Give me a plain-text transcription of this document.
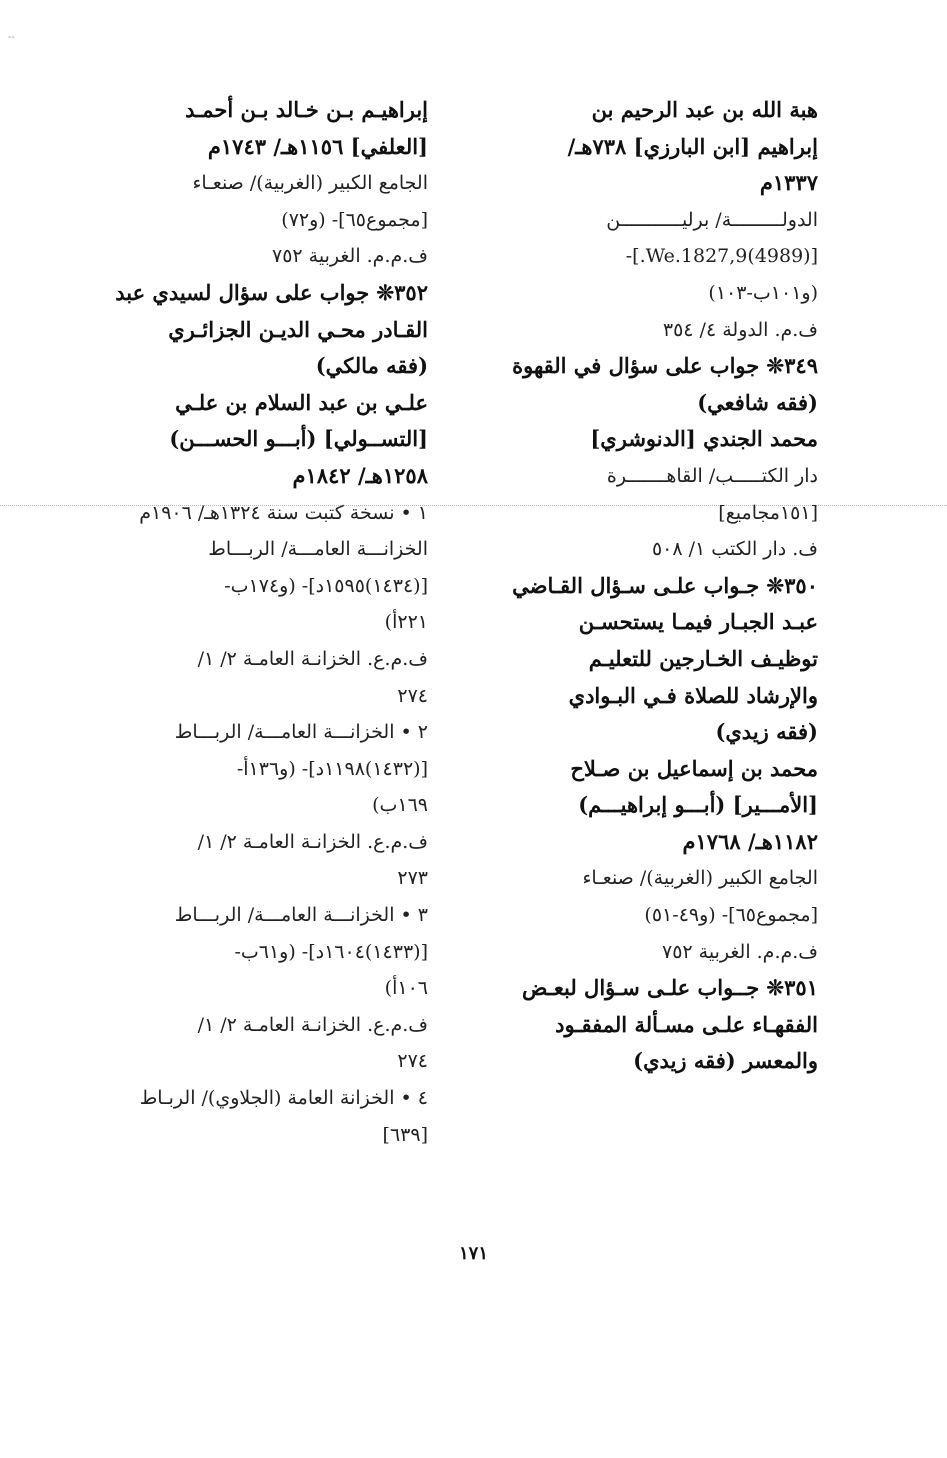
--
هبة الله بن عبد الرحيم بن
إبراهيم [ابن البارزي] ٧٣٨هـ/
١٣٣٧م
الدولـــــــــة/ برليـــــــــــن
[(4989)We.1827,9.]-
(و١٠١ب-١٠٣)
ف.م. الدولة ٤/ ٣٥٤
٣٤٩❊ جواب على سؤال في القهوة
(فقه شافعي)
محمد الجندي [الدنوشري]
دار الكتـــــب/ القاهـــــــرة
[١٥١مجاميع]
ف. دار الكتب ١/ ٥٠٨
٣٥٠❊ جـواب علـى سـؤال القـاضي
عبـد الجبـار فيمـا يستحسـن
توظيـف الخـارجين للتعليـم
والإرشاد للصلاة فـي البـوادي
(فقه زيدي)
محمد بن إسماعيل بن صـلاح
[الأمـــير] (أبـــو إبراهيـــم)
١١٨٢هـ/ ١٧٦٨م
الجامع الكبير (الغربية)/ صنعـاء
[مجموع٦٥]- (و٤٩-٥١)
ف.م.م. الغربية ٧٥٢
٣٥١❊ جــواب علـى سـؤال لبعـض
الفقهـاء علـى مسـألة المفقـود
والمعسر (فقه زيدي)
إبراهيـم بـن خـالد بـن أحمـد
[العلفي] ١١٥٦هـ/ ١٧٤٣م
الجامع الكبير (الغربية)/ صنعـاء
[مجموع٦٥]- (و٧٢)
ف.م.م. الغربية ٧٥٢
٣٥٢❊ جواب على سؤال لسيدي عبد
القـادر محـي الديـن الجزائـري
(فقه مالكي)
علـي بن عبد السلام بن علـي
[التســولي] (أبـــو الحســـن)
١٢٥٨هـ/ ١٨٤٢م
١ • نسخة كتبت سنة ١٣٢٤هـ/ ١٩٠٦م
الخزانـــة العامـــة/ الربـــاط
[(١٤٣٤)١٥٩٥د]- (و١٧٤ب-
٢٢١أ)
ف.م.ع. الخزانـة العامـة ٢/ ١/
٢٧٤
٢ • الخزانـــة العامـــة/ الربـــاط
[(١٤٣٢)١١٩٨د]- (و١٣٦أ-
١٦٩ب)
ف.م.ع. الخزانـة العامـة ٢/ ١/
٢٧٣
٣ • الخزانـــة العامـــة/ الربـــاط
[(١٤٣٣)١٦٠٤د]- (و٦١ب-
١٠٦أ)
ف.م.ع. الخزانـة العامـة ٢/ ١/
٢٧٤
٤ • الخزانة العامة (الجلاوي)/ الربـاط
[٦٣٩]
١٧١
